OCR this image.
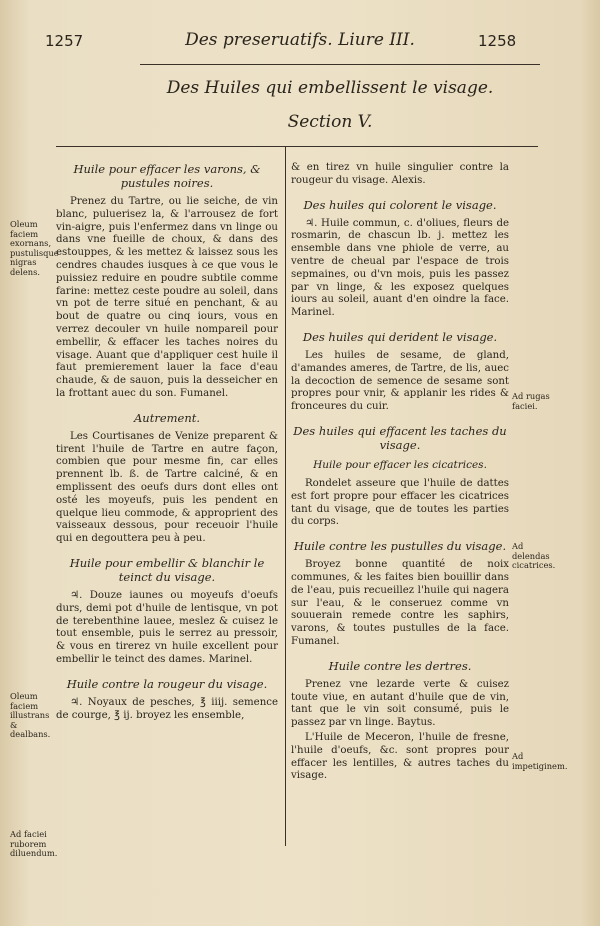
1257	Des preseruatifs. Liure III.	1258
Des Huiles qui embellissent le visage.
Section V.
Huile pour effacer les varons, & pustules noires.
Prenez du Tartre, ou lie seiche, de vin blanc, puluerisez la, & l'arrousez de fort vin-aigre, puis l'enfermez dans vn linge ou dans vne fueille de choux, & dans des estouppes, & les mettez & laissez sous les cendres chaudes iusques à ce que vous le puissiez reduire en poudre subtile comme farine: mettez ceste poudre au soleil, dans vn pot de terre situé en penchant, & au bout de quatre ou cinq iours, vous en verrez decouler vn huile nompareil pour embellir, & effacer les taches noires du visage. Auant que d'appliquer cest huile il faut premierement lauer la face d'eau chaude, & de sauon, puis la desseicher en la frottant auec du son. Fumanel.
Autrement.
Les Courtisanes de Venize preparent & tirent l'huile de Tartre en autre façon, combien que pour mesme fin, car elles prennent lb. ß. de Tartre calciné, & en emplissent des oeufs durs dont elles ont osté les moyeufs, puis les pendent en quelque lieu commode, & approprient des vaisseaux dessous, pour receuoir l'huile qui en degouttera peu à peu.
Huile pour embellir & blanchir le teinct du visage.
♃. Douze iaunes ou moyeufs d'oeufs durs, demi pot d'huile de lentisque, vn pot de terebenthine lauee, meslez & cuisez le tout ensemble, puis le serrez au pressoir, & vous en tirerez vn huile excellent pour embellir le teinct des dames. Marinel.
Huile contre la rougeur du visage.
♃. Noyaux de pesches, ℥ iiij. semence de courge, ℥ ij. broyez les ensemble,
& en tirez vn huile singulier contre la rougeur du visage. Alexis.
Des huiles qui colorent le visage.
♃. Huile commun, c. d'oliues, fleurs de rosmarin, de chascun lb. j. mettez les ensemble dans vne phiole de verre, au ventre de cheual par l'espace de trois sepmaines, ou d'vn mois, puis les passez par vn linge, & les exposez quelques iours au soleil, auant d'en oindre la face. Marinel.
Des huiles qui derident le visage.
Les huiles de sesame, de gland, d'amandes ameres, de Tartre, de lis, auec la decoction de semence de sesame sont propres pour vnir, & applanir les rides & fronceures du cuir.
Des huiles qui effacent les taches du visage.
Huile pour effacer les cicatrices.
Rondelet asseure que l'huile de dattes est fort propre pour effacer les cicatrices tant du visage, que de toutes les parties du corps.
Huile contre les pustulles du visage.
Broyez bonne quantité de noix communes, & les faites bien bouillir dans de l'eau, puis recueillez l'huile qui nagera sur l'eau, & le conseruez comme vn souuerain remede contre les saphirs, varons, & toutes pustulles de la face. Fumanel.
Huile contre les dertres.
Prenez vne lezarde verte & cuisez toute viue, en autant d'huile que de vin, tant que le vin soit consumé, puis le passez par vn linge. Baytus.
L'Huile de Meceron, l'huile de fresne, l'huile d'oeufs, &c. sont propres pour effacer les lentilles, & autres taches du visage.
Oleum faciem exornans, pustulisque nigras delens.
Oleum faciem illustrans & dealbans.
Ad faciei ruborem diluendum.
Ad rugas faciei.
Ad delendas cicatrices.
Ad impetiginem.
